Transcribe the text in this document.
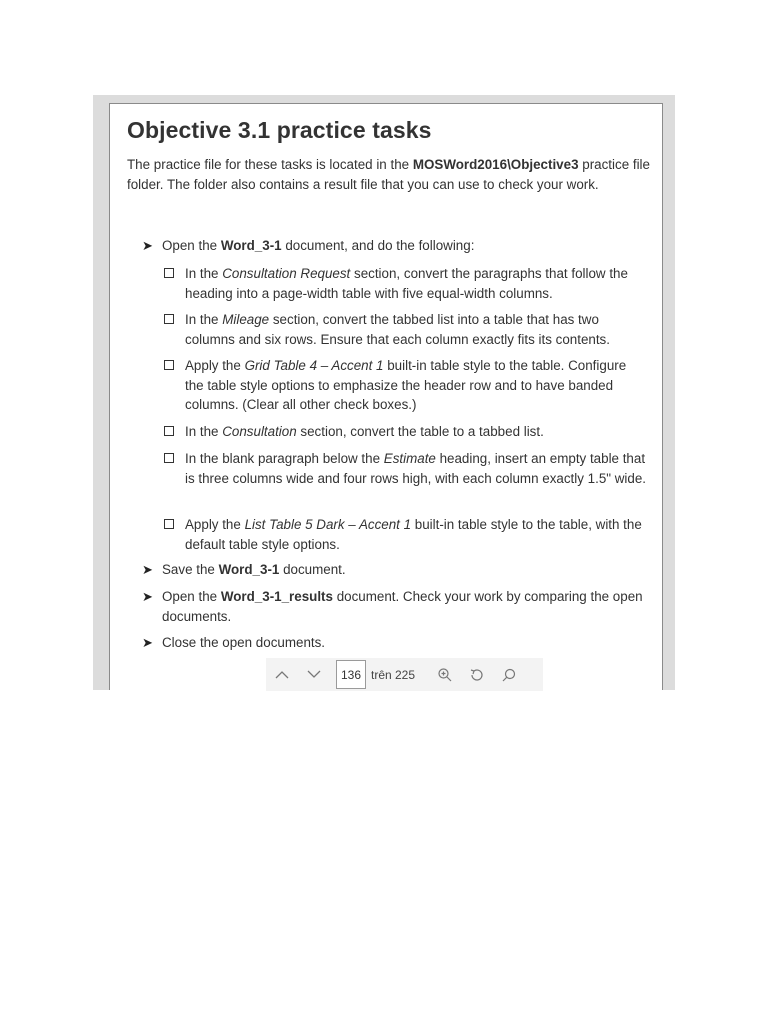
Objective 3.1 practice tasks
The practice file for these tasks is located in the MOSWord2016\Objective3 practice file folder. The folder also contains a result file that you can use to check your work.
➤ Open the Word_3-1 document, and do the following:
In the Consultation Request section, convert the paragraphs that follow the heading into a page-width table with five equal-width columns.
In the Mileage section, convert the tabbed list into a table that has two columns and six rows. Ensure that each column exactly fits its contents.
Apply the Grid Table 4 – Accent 1 built-in table style to the table. Configure the table style options to emphasize the header row and to have banded columns. (Clear all other check boxes.)
In the Consultation section, convert the table to a tabbed list.
In the blank paragraph below the Estimate heading, insert an empty table that is three columns wide and four rows high, with each column exactly 1.5" wide.
Apply the List Table 5 Dark – Accent 1 built-in table style to the table, with the default table style options.
➤ Save the Word_3-1 document.
➤ Open the Word_3-1_results document. Check your work by comparing the open documents.
➤ Close the open documents.
136 trên 225
